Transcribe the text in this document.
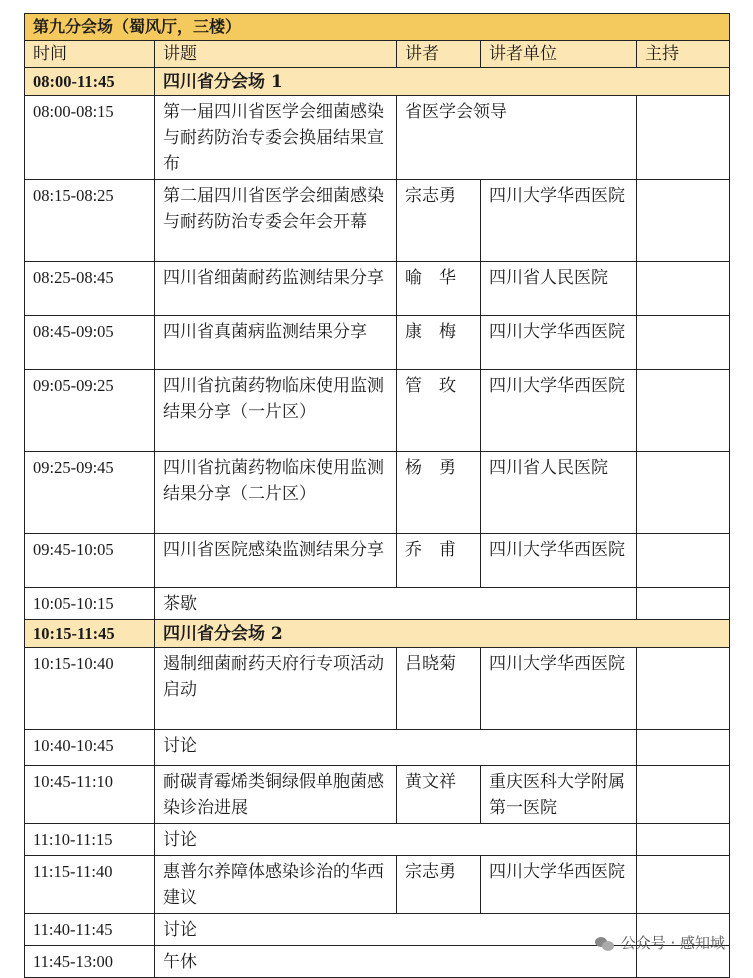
第九分会场（蜀风厅，三楼）				
时间	讲题	讲者	讲者单位	主持
08:00-11:45	四川省分会场 1			
08:00-08:15	第一届四川省医学会细菌感染与耐药防治专委会换届结果宣布	省医学会领导		
08:15-08:25	第二届四川省医学会细菌感染与耐药防治专委会年会开幕	宗志勇	四川大学华西医院	
08:25-08:45	四川省细菌耐药监测结果分享	喻　华	四川省人民医院	
08:45-09:05	四川省真菌病监测结果分享	康　梅	四川大学华西医院	
09:05-09:25	四川省抗菌药物临床使用监测结果分享（一片区）	管　玫	四川大学华西医院	
09:25-09:45	四川省抗菌药物临床使用监测结果分享（二片区）	杨　勇	四川省人民医院	
09:45-10:05	四川省医院感染监测结果分享	乔　甫	四川大学华西医院	
10:05-10:15	茶歇			
10:15-11:45	四川省分会场 2			
10:15-10:40	遏制细菌耐药天府行专项活动启动	吕晓菊	四川大学华西医院	
10:40-10:45	讨论			
10:45-11:10	耐碳青霉烯类铜绿假单胞菌感染诊治进展	黄文祥	重庆医科大学附属第一医院	
11:10-11:15	讨论			
11:15-11:40	惠普尔养障体感染诊治的华西建议	宗志勇	四川大学华西医院	
11:40-11:45	讨论			
11:45-13:00	午休			
公众号 · 感知域
